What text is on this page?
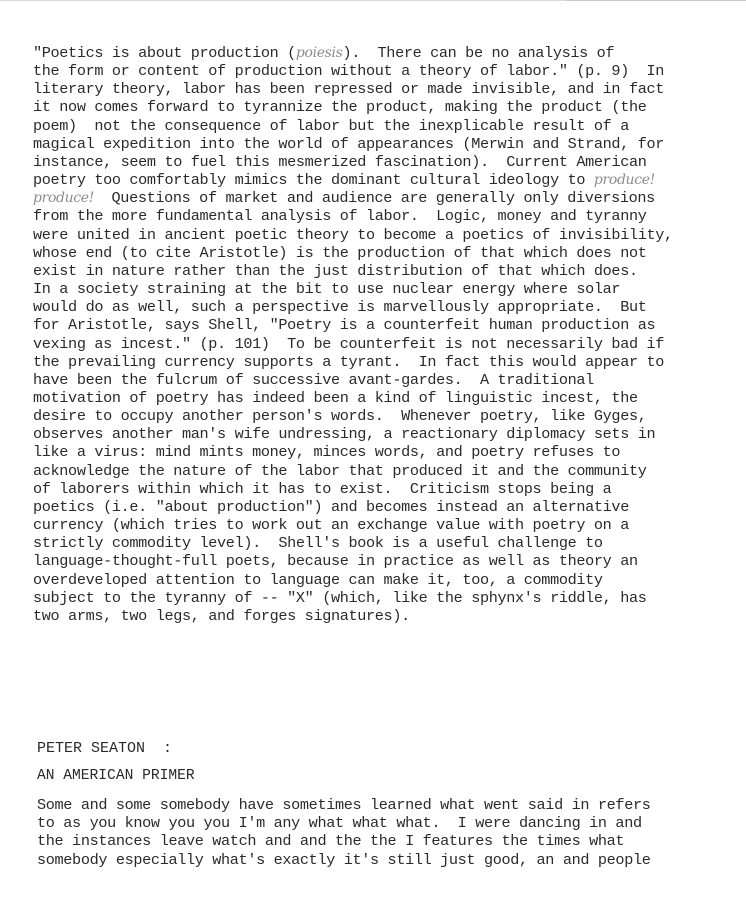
"Poetics is about production (poiesis).  There can be no analysis of
the form or content of production without a theory of labor." (p. 9)  In
literary theory, labor has been repressed or made invisible, and in fact
it now comes forward to tyrannize the product, making the product (the
poem)  not the consequence of labor but the inexplicable result of a
magical expedition into the world of appearances (Merwin and Strand, for
instance, seem to fuel this mesmerized fascination).  Current American
poetry too comfortably mimics the dominant cultural ideology to produce!
produce!  Questions of market and audience are generally only diversions
from the more fundamental analysis of labor.  Logic, money and tyranny
were united in ancient poetic theory to become a poetics of invisibility,
whose end (to cite Aristotle) is the production of that which does not
exist in nature rather than the just distribution of that which does.
In a society straining at the bit to use nuclear energy where solar
would do as well, such a perspective is marvellously appropriate.  But
for Aristotle, says Shell, "Poetry is a counterfeit human production as
vexing as incest." (p. 101)  To be counterfeit is not necessarily bad if
the prevailing currency supports a tyrant.  In fact this would appear to
have been the fulcrum of successive avant-gardes.  A traditional
motivation of poetry has indeed been a kind of linguistic incest, the
desire to occupy another person's words.  Whenever poetry, like Gyges,
observes another man's wife undressing, a reactionary diplomacy sets in
like a virus: mind mints money, minces words, and poetry refuses to
acknowledge the nature of the labor that produced it and the community
of laborers within which it has to exist.  Criticism stops being a
poetics (i.e. "about production") and becomes instead an alternative
currency (which tries to work out an exchange value with poetry on a
strictly commodity level).  Shell's book is a useful challenge to
language-thought-full poets, because in practice as well as theory an
overdeveloped attention to language can make it, too, a commodity
subject to the tyranny of -- "X" (which, like the sphynx's riddle, has
two arms, two legs, and forges signatures).
PETER SEATON  :
AN AMERICAN PRIMER
Some and some somebody have sometimes learned what went said in refers
to as you know you you I'm any what what what.  I were dancing in and
the instances leave watch and and the the I features the times what
somebody especially what's exactly it's still just good, an and people
